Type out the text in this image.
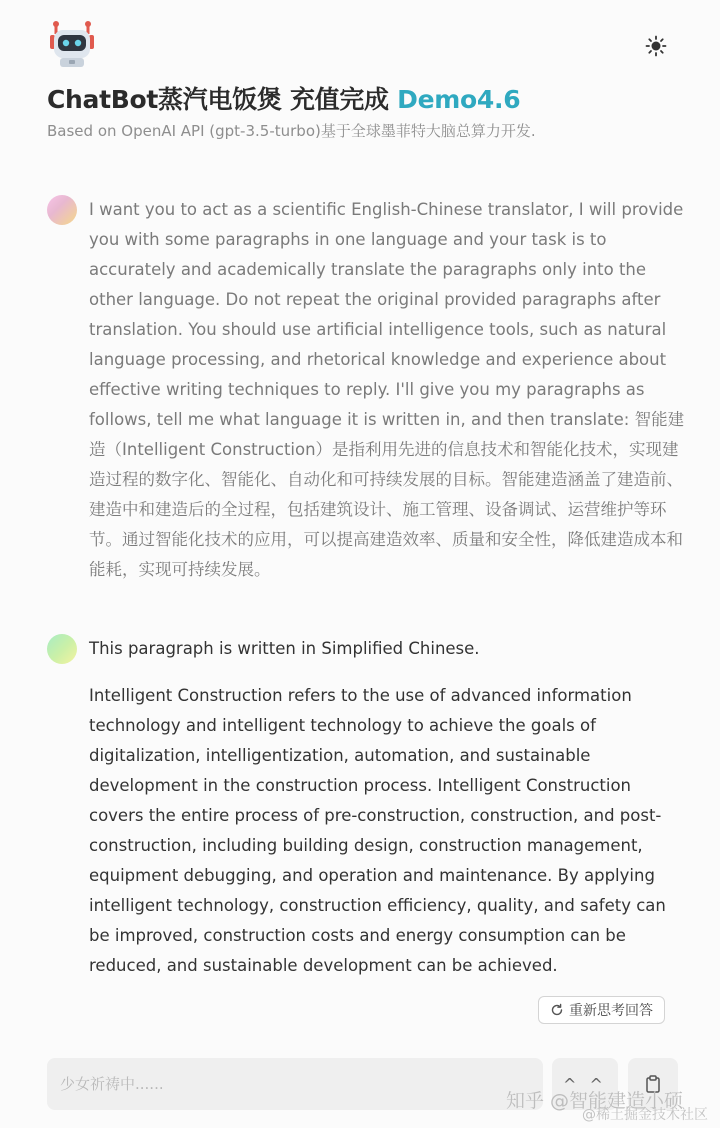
ChatBot蒸汽电饭煲 充值完成 Demo4.6
Based on OpenAI API (gpt-3.5-turbo)基于全球墨菲特大脑总算力开发.
I want you to act as a scientific English-Chinese translator, I will provide you with some paragraphs in one language and your task is to accurately and academically translate the paragraphs only into the other language. Do not repeat the original provided paragraphs after translation. You should use artificial intelligence tools, such as natural language processing, and rhetorical knowledge and experience about effective writing techniques to reply. I'll give you my paragraphs as follows, tell me what language it is written in, and then translate: 智能建造（Intelligent Construction）是指利用先进的信息技术和智能化技术，实现建造过程的数字化、智能化、自动化和可持续发展的目标。智能建造涵盖了建造前、建造中和建造后的全过程，包括建筑设计、施工管理、设备调试、运营维护等环节。通过智能化技术的应用，可以提高建造效率、质量和安全性，降低建造成本和能耗，实现可持续发展。
This paragraph is written in Simplified Chinese.
Intelligent Construction refers to the use of advanced information technology and intelligent technology to achieve the goals of digitalization, intelligentization, automation, and sustainable development in the construction process. Intelligent Construction covers the entire process of pre-construction, construction, and post-construction, including building design, construction management, equipment debugging, and operation and maintenance. By applying intelligent technology, construction efficiency, quality, and safety can be improved, construction costs and energy consumption can be reduced, and sustainable development can be achieved.
重新思考回答
少女祈祷中......
^ ^
知乎 @智能建造小硕
@稀土掘金技术社区
